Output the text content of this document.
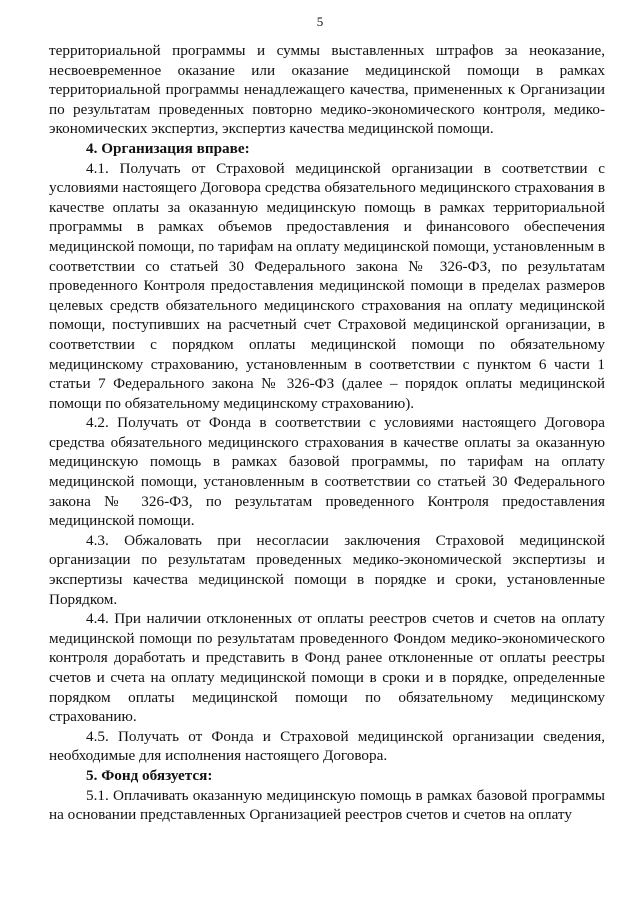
5

территориальной программы и суммы выставленных штрафов за неоказание, несвоевременное оказание или оказание медицинской помощи в рамках территориальной программы ненадлежащего качества, примененных к Организации по результатам проведенных повторно медико-экономического контроля, медико-экономических экспертиз, экспертиз качества медицинской помощи.

4. Организация вправе:

4.1. Получать от Страховой медицинской организации в соответствии с условиями настоящего Договора средства обязательного медицинского страхования в качестве оплаты за оказанную медицинскую помощь в рамках территориальной программы в рамках объемов предоставления и финансового обеспечения медицинской помощи, по тарифам на оплату медицинской помощи, установленным в соответствии со статьей 30 Федерального закона № 326-ФЗ, по результатам проведенного Контроля предоставления медицинской помощи в пределах размеров целевых средств обязательного медицинского страхования на оплату медицинской помощи, поступивших на расчетный счет Страховой медицинской организации, в соответствии с порядком оплаты медицинской помощи по обязательному медицинскому страхованию, установленным в соответствии с пунктом 6 части 1 статьи 7 Федерального закона № 326-ФЗ (далее – порядок оплаты медицинской помощи по обязательному медицинскому страхованию).

4.2. Получать от Фонда в соответствии с условиями настоящего Договора средства обязательного медицинского страхования в качестве оплаты за оказанную медицинскую помощь в рамках базовой программы, по тарифам на оплату медицинской помощи, установленным в соответствии со статьей 30 Федерального закона № 326-ФЗ, по результатам проведенного Контроля предоставления медицинской помощи.

4.3. Обжаловать при несогласии заключения Страховой медицинской организации по результатам проведенных медико-экономической экспертизы и экспертизы качества медицинской помощи в порядке и сроки, установленные Порядком.

4.4. При наличии отклоненных от оплаты реестров счетов и счетов на оплату медицинской помощи по результатам проведенного Фондом медико-экономического контроля доработать и представить в Фонд ранее отклоненные от оплаты реестры счетов и счета на оплату медицинской помощи в сроки и в порядке, определенные порядком оплаты медицинской помощи по обязательному медицинскому страхованию.

4.5. Получать от Фонда и Страховой медицинской организации сведения, необходимые для исполнения настоящего Договора.

5. Фонд обязуется:

5.1. Оплачивать оказанную медицинскую помощь в рамках базовой программы на основании представленных Организацией реестров счетов и счетов на оплату
